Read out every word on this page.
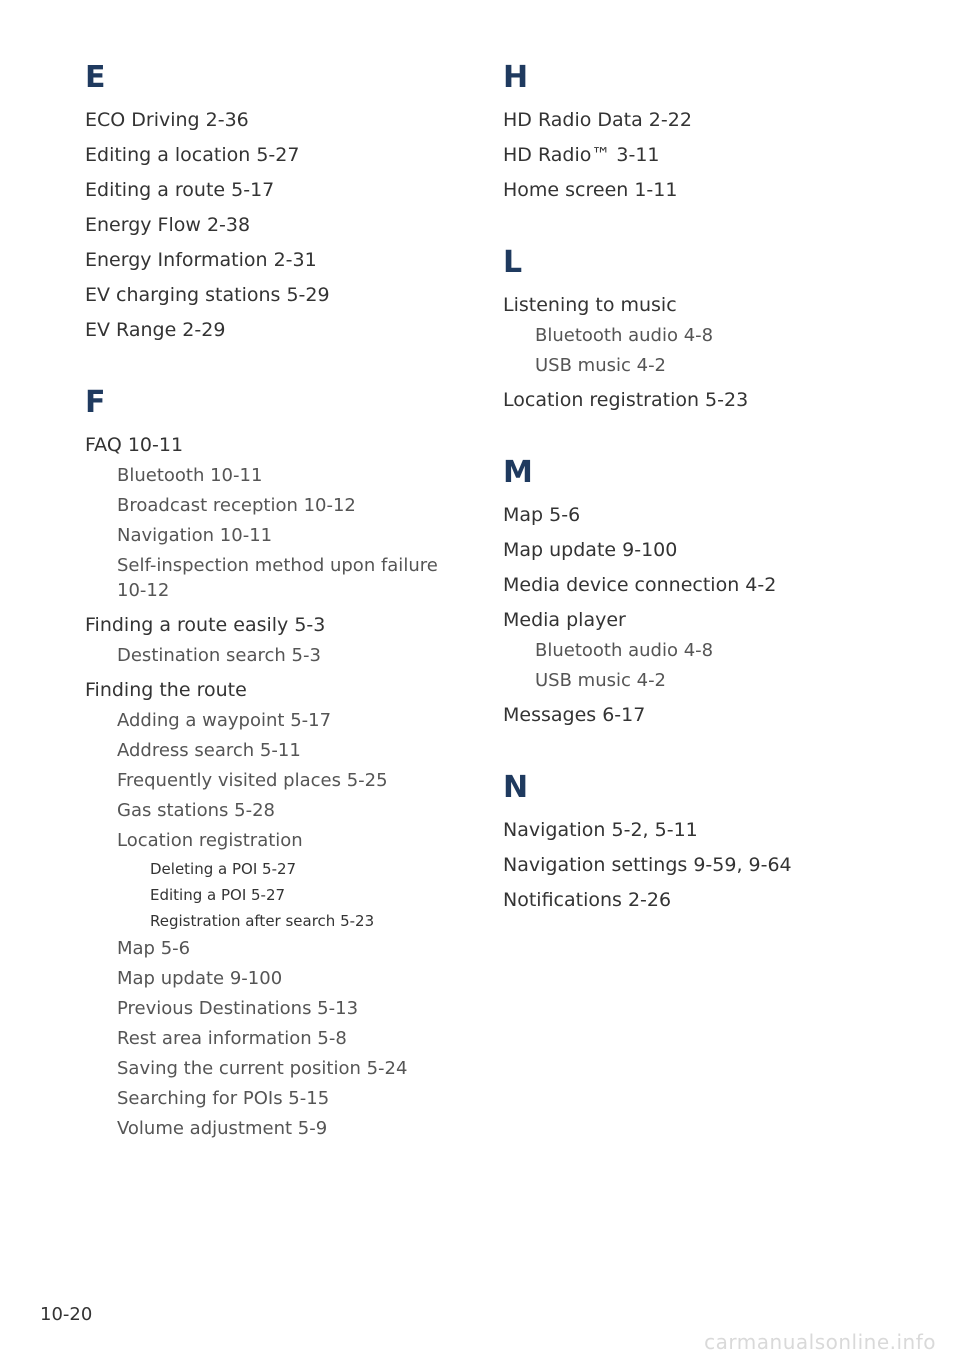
E
ECO Driving 2-36
Editing a location 5-27
Editing a route 5-17
Energy Flow 2-38
Energy Information 2-31
EV charging stations 5-29
EV Range 2-29
F
FAQ 10-11
Bluetooth 10-11
Broadcast reception 10-12
Navigation 10-11
Self-inspection method upon failure 10-12
Finding a route easily 5-3
Destination search 5-3
Finding the route
Adding a waypoint 5-17
Address search 5-11
Frequently visited places 5-25
Gas stations 5-28
Location registration
Deleting a POI 5-27
Editing a POI 5-27
Registration after search 5-23
Map 5-6
Map update 9-100
Previous Destinations 5-13
Rest area information 5-8
Saving the current position 5-24
Searching for POIs 5-15
Volume adjustment 5-9
H
HD Radio Data 2-22
HD Radio™ 3-11
Home screen 1-11
L
Listening to music
Bluetooth audio 4-8
USB music 4-2
Location registration 5-23
M
Map 5-6
Map update 9-100
Media device connection 4-2
Media player
Bluetooth audio 4-8
USB music 4-2
Messages 6-17
N
Navigation 5-2, 5-11
Navigation settings 9-59, 9-64
Notifications 2-26
10-20
carmanualsonline.info
